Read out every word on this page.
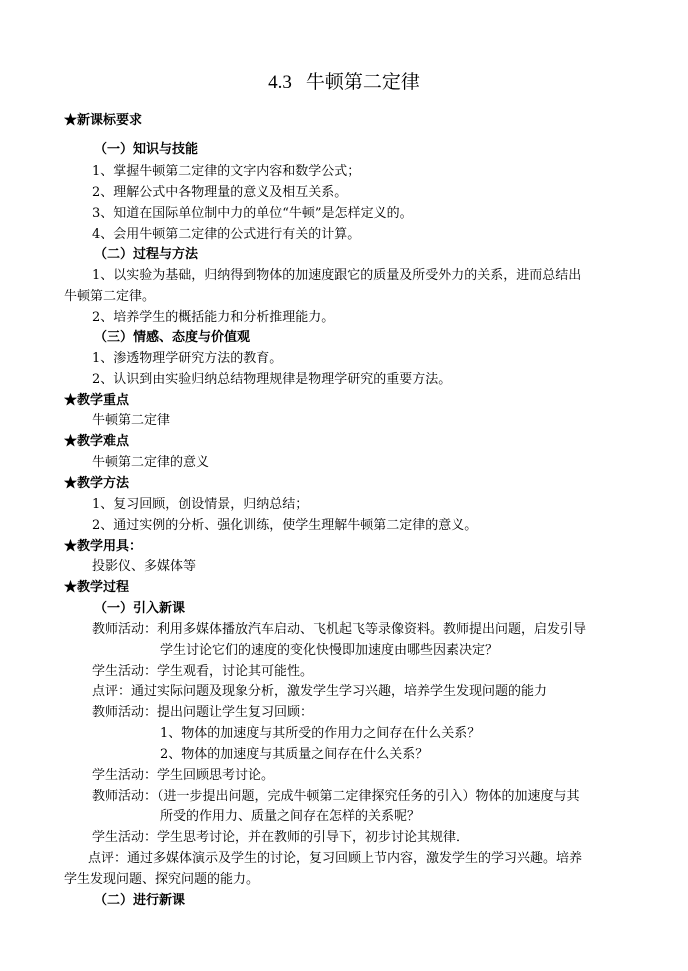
4.3 牛顿第二定律
★新课标要求
（一）知识与技能
1、掌握牛顿第二定律的文字内容和数学公式；
2、理解公式中各物理量的意义及相互关系。
3、知道在国际单位制中力的单位“牛顿”是怎样定义的。
4、会用牛顿第二定律的公式进行有关的计算。
（二）过程与方法
1、以实验为基础，归纳得到物体的加速度跟它的质量及所受外力的关系，进而总结出
牛顿第二定律。
2、培养学生的概括能力和分析推理能力。
（三）情感、态度与价值观
1、渗透物理学研究方法的教育。
2、认识到由实验归纳总结物理规律是物理学研究的重要方法。
★教学重点
牛顿第二定律
★教学难点
牛顿第二定律的意义
★教学方法
1、复习回顾，创设情景，归纳总结；
2、通过实例的分析、强化训练，使学生理解牛顿第二定律的意义。
★教学用具：
投影仪、多媒体等
★教学过程
（一）引入新课
教师活动：利用多媒体播放汽车启动、飞机起飞等录像资料。教师提出问题，启发引导
学生讨论它们的速度的变化快慢即加速度由哪些因素决定？
学生活动：学生观看，讨论其可能性。
点评：通过实际问题及现象分析，激发学生学习兴趣，培养学生发现问题的能力
教师活动：提出问题让学生复习回顾：
1、物体的加速度与其所受的作用力之间存在什么关系？
2、物体的加速度与其质量之间存在什么关系？
学生活动：学生回顾思考讨论。
教师活动：（进一步提出问题，完成牛顿第二定律探究任务的引入）物体的加速度与其
所受的作用力、质量之间存在怎样的关系呢？
学生活动：学生思考讨论，并在教师的引导下，初步讨论其规律．
点评：通过多媒体演示及学生的讨论，复习回顾上节内容，激发学生的学习兴趣。培养
学生发现问题、探究问题的能力。
（二）进行新课
